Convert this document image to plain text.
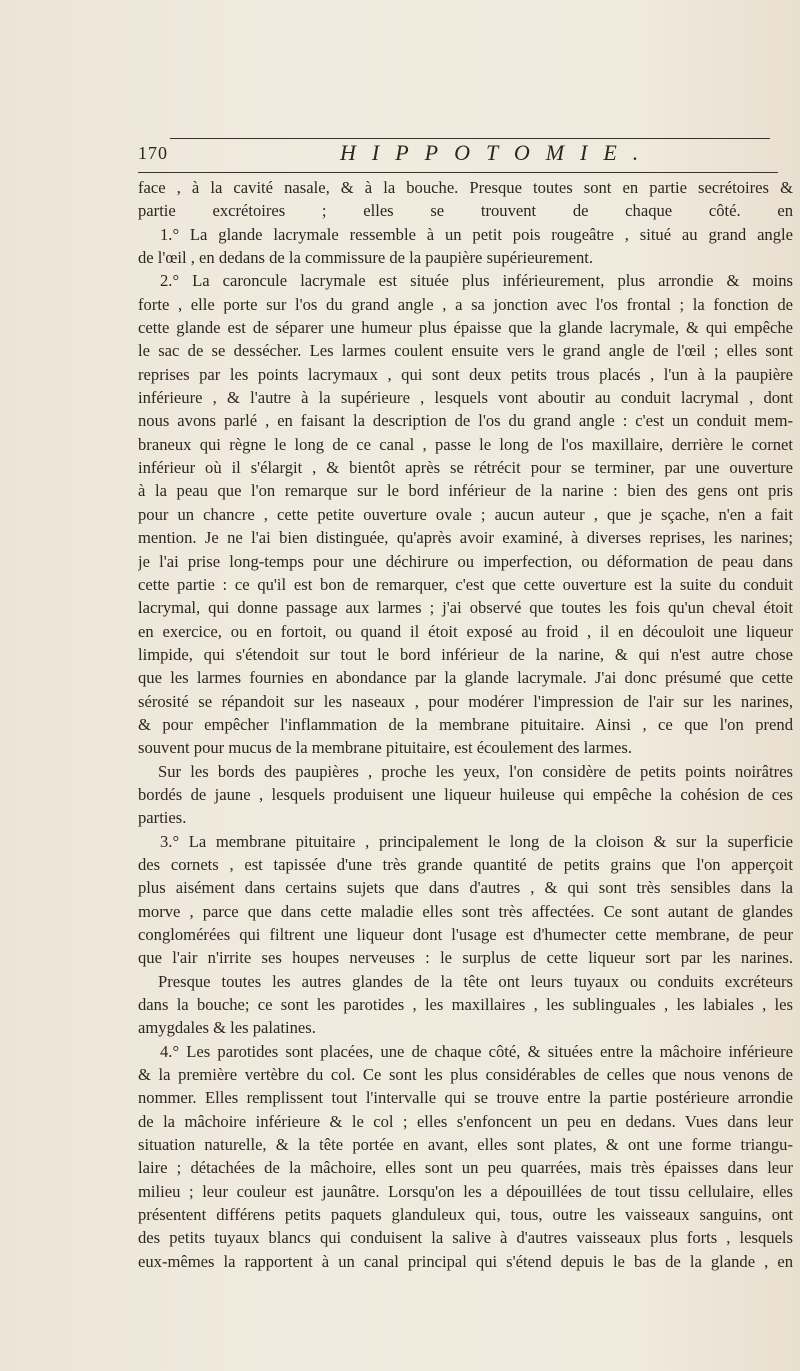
170	HIPPOTOMIE.
face , à la cavité nasale, & à la bouche. Presque toutes sont en partie secrétoires &
partie excrétoires ; elles se trouvent de chaque côté. en
1.° La glande lacrymale ressemble à un petit pois rougeâtre , situé au grand angle
de l'œil , en dedans de la commissure de la paupière supérieurement.
2.° La caroncule lacrymale est située plus inférieurement, plus arrondie & moins
forte , elle porte sur l'os du grand angle , a sa jonction avec l'os frontal ; la fonction de
cette glande est de séparer une humeur plus épaisse que la glande lacrymale, & qui empêche
le sac de se dessécher. Les larmes coulent ensuite vers le grand angle de l'œil ; elles sont
reprises par les points lacrymaux , qui sont deux petits trous placés , l'un à la paupière
inférieure , & l'autre à la supérieure , lesquels vont aboutir au conduit lacrymal , dont
nous avons parlé , en faisant la description de l'os du grand angle : c'est un conduit mem-
braneux qui règne le long de ce canal , passe le long de l'os maxillaire, derrière le cornet
inférieur où il s'élargit , & bientôt après se rétrécit pour se terminer, par une ouverture
à la peau que l'on remarque sur le bord inférieur de la narine : bien des gens ont pris
pour un chancre , cette petite ouverture ovale ; aucun auteur , que je sçache, n'en a fait
mention. Je ne l'ai bien distinguée, qu'après avoir examiné, à diverses reprises, les narines;
je l'ai prise long-temps pour une déchirure ou imperfection, ou déformation de peau dans
cette partie : ce qu'il est bon de remarquer, c'est que cette ouverture est la suite du conduit
lacrymal, qui donne passage aux larmes ; j'ai observé que toutes les fois qu'un cheval étoit
en exercice, ou en fortoit, ou quand il étoit exposé au froid , il en découloit une liqueur
limpide, qui s'étendoit sur tout le bord inférieur de la narine, & qui n'est autre chose
que les larmes fournies en abondance par la glande lacrymale. J'ai donc présumé que cette
sérosité se répandoit sur les naseaux , pour modérer l'impression de l'air sur les narines,
& pour empêcher l'inflammation de la membrane pituitaire. Ainsi , ce que l'on prend
souvent pour mucus de la membrane pituitaire, est écoulement des larmes.
Sur les bords des paupières , proche les yeux, l'on considère de petits points noirâtres
bordés de jaune , lesquels produisent une liqueur huileuse qui empêche la cohésion de ces
parties.
3.° La membrane pituitaire , principalement le long de la cloison & sur la superficie
des cornets , est tapissée d'une très grande quantité de petits grains que l'on apperçoit
plus aisément dans certains sujets que dans d'autres , & qui sont très sensibles dans la
morve , parce que dans cette maladie elles sont très affectées. Ce sont autant de glandes
conglomérées qui filtrent une liqueur dont l'usage est d'humecter cette membrane, de peur
que l'air n'irrite ses houpes nerveuses : le surplus de cette liqueur sort par les narines.
Presque toutes les autres glandes de la tête ont leurs tuyaux ou conduits excréteurs
dans la bouche; ce sont les parotides , les maxillaires , les sublinguales , les labiales , les
amygdales & les palatines.
4.° Les parotides sont placées, une de chaque côté, & situées entre la mâchoire inférieure
& la première vertèbre du col. Ce sont les plus considérables de celles que nous venons de
nommer. Elles remplissent tout l'intervalle qui se trouve entre la partie postérieure arrondie
de la mâchoire inférieure & le col ; elles s'enfoncent un peu en dedans. Vues dans leur
situation naturelle, & la tête portée en avant, elles sont plates, & ont une forme triangu-
laire ; détachées de la mâchoire, elles sont un peu quarrées, mais très épaisses dans leur
milieu ; leur couleur est jaunâtre. Lorsqu'on les a dépouillées de tout tissu cellulaire, elles
présentent différens petits paquets glanduleux qui, tous, outre les vaisseaux sanguins, ont
des petits tuyaux blancs qui conduisent la salive à d'autres vaisseaux plus forts , lesquels
eux-mêmes la rapportent à un canal principal qui s'étend depuis le bas de la glande , en
